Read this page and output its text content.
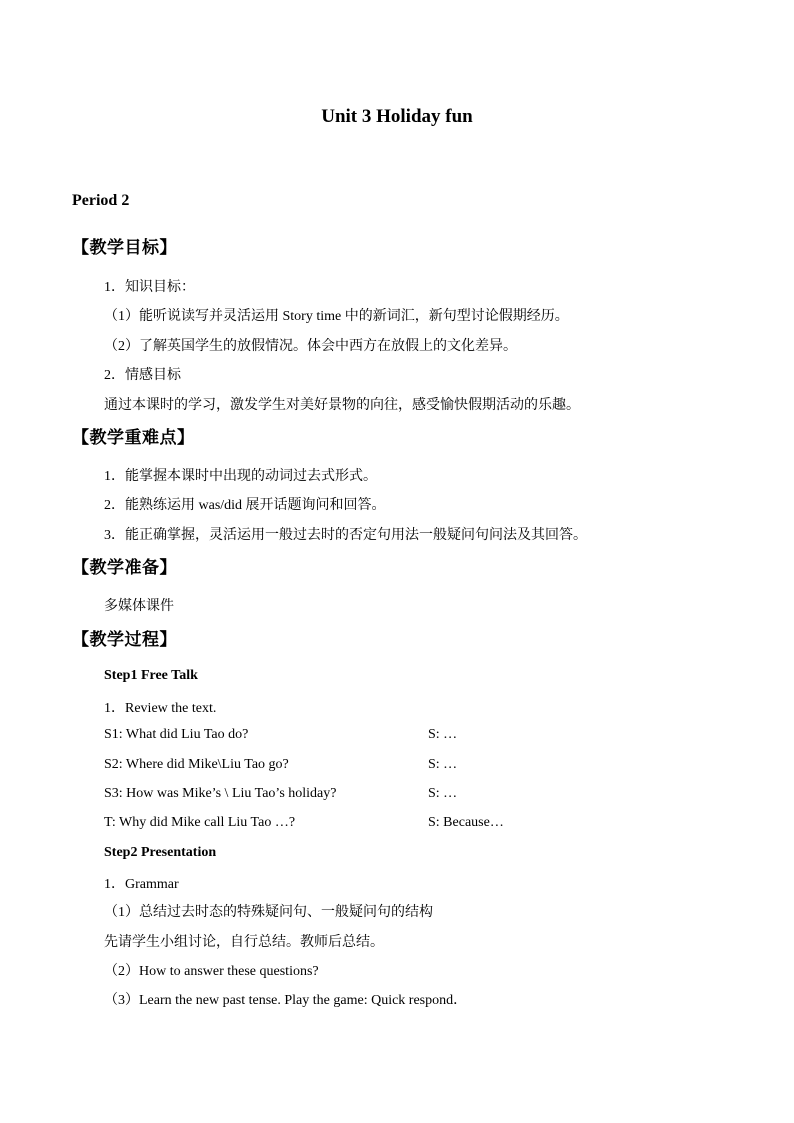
Unit 3 Holiday fun
Period 2
【教学目标】
1．知识目标：
（1）能听说读写并灵活运用 Story time 中的新词汇，新句型讨论假期经历。
（2）了解英国学生的放假情况。体会中西方在放假上的文化差异。
2．情感目标
通过本课时的学习，激发学生对美好景物的向往，感受愉快假期活动的乐趣。
【教学重难点】
1．能掌握本课时中出现的动词过去式形式。
2．能熟练运用 was/did 展开话题询问和回答。
3．能正确掌握，灵活运用一般过去时的否定句用法一般疑问句问法及其回答。
【教学准备】
多媒体课件
【教学过程】
Step1 Free Talk
1．Review the text.
S1: What did Liu Tao do?	S: …
S2: Where did Mike\Liu Tao go?	S: …
S3: How was Mike’s \ Liu Tao’s holiday?	S: …
T: Why did Mike call Liu Tao …?	S: Because…
Step2 Presentation
1．Grammar
（1）总结过去时态的特殊疑问句、一般疑问句的结构
先请学生小组讨论，自行总结。教师后总结。
（2）How to answer these questions?
（3）Learn the new past tense. Play the game: Quick respond．
